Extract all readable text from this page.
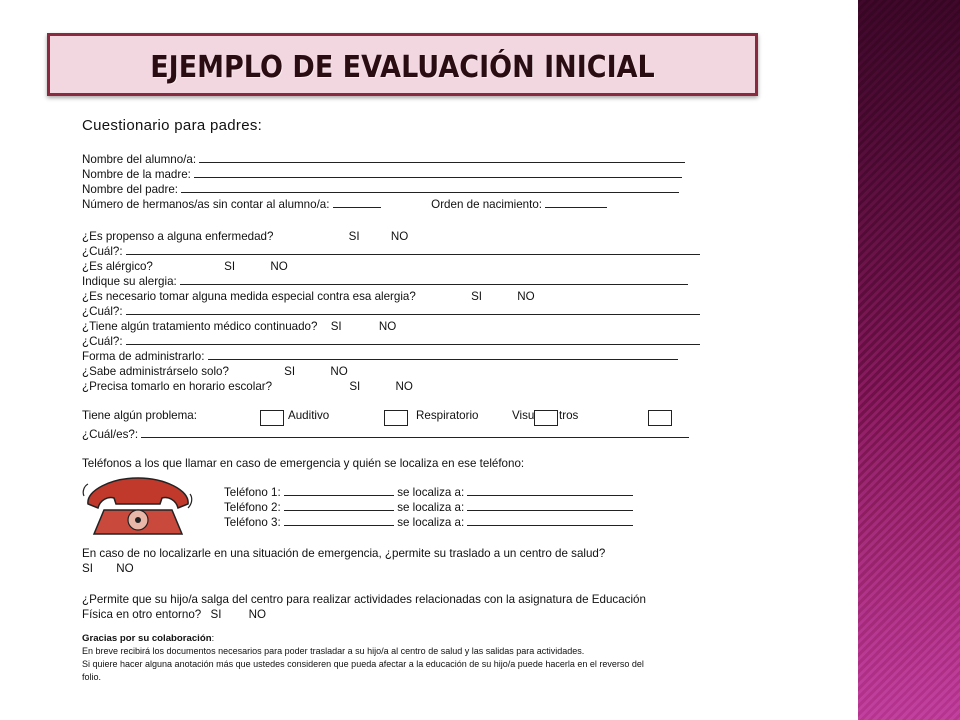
EJEMPLO DE EVALUACIÓN INICIAL
Cuestionario para padres:
Nombre del alumno/a:
Nombre de la madre:
Nombre del padre:
Número de hermanos/as sin contar al alumno/a:	Orden de nacimiento:
¿Es propenso a alguna enfermedad?	SI	NO
¿Cuál?:
¿Es alérgico?	SI	NO
Indique su alergia:
¿Es necesario tomar alguna medida especial contra esa alergia?	SI	NO
¿Cuál?:
¿Tiene algún tratamiento médico continuado? SI	NO
¿Cuál?:
Forma de administrarlo:
¿Sabe administrárselo solo?	SI	NO
¿Precisa tomarlo en horario escolar?	SI	NO
Tiene algún problema:	Auditivo	Respiratorio	Visu tros
¿Cuál/es?:
Teléfonos a los que llamar en caso de emergencia y quién se localiza en ese teléfono:
Teléfono 1:	se localiza a:
Teléfono 2:	se localiza a:
Teléfono 3:	se localiza a:
En caso de no localizarle en una situación de emergencia, ¿permite su traslado a un centro de salud?
SI NO
¿Permite que su hijo/a salga del centro para realizar actividades relacionadas con la asignatura de Educación
Física en otro entorno? SI NO
Gracias por su colaboración:
En breve recibirá los documentos necesarios para poder trasladar a su hijo/a al centro de salud y las salidas para actividades.
Si quiere hacer alguna anotación más que ustedes consideren que pueda afectar a la educación de su hijo/a puede hacerla en el reverso del
folio.
